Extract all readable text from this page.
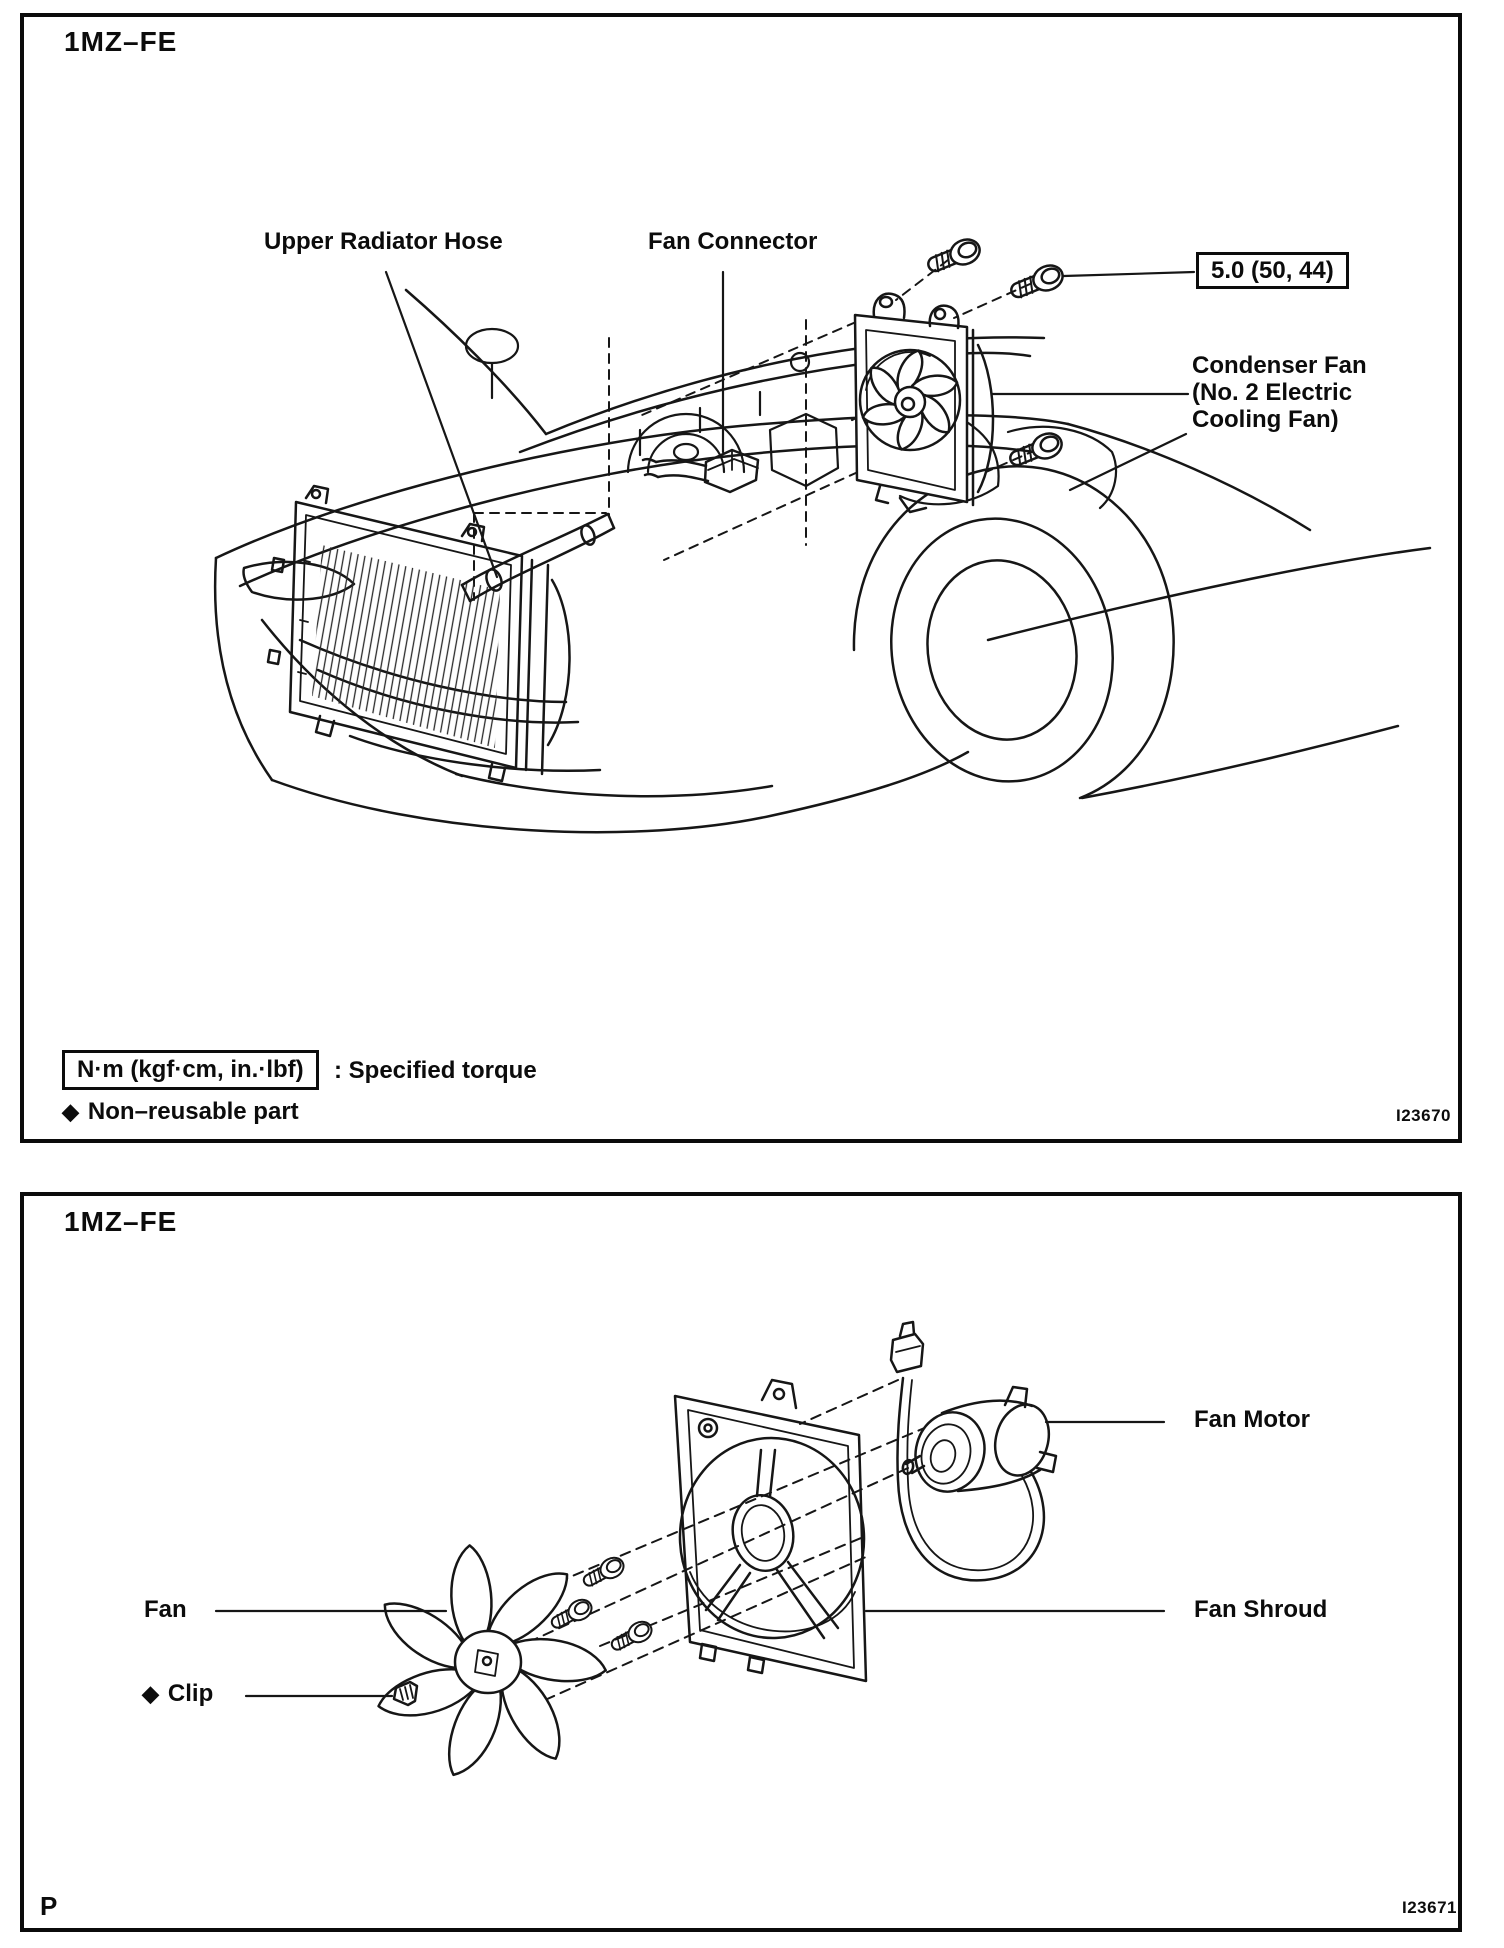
1MZ–FE
Upper Radiator Hose	Fan Connector
5.0 (50, 44)
Condenser Fan
(No. 2 Electric
Cooling Fan)
N·m (kgf·cm, in.·lbf)	: Specified torque
◆ Non–reusable part	I23670
1MZ–FE
Fan Motor
Fan	Fan Shroud
◆ Clip
I23671
P
